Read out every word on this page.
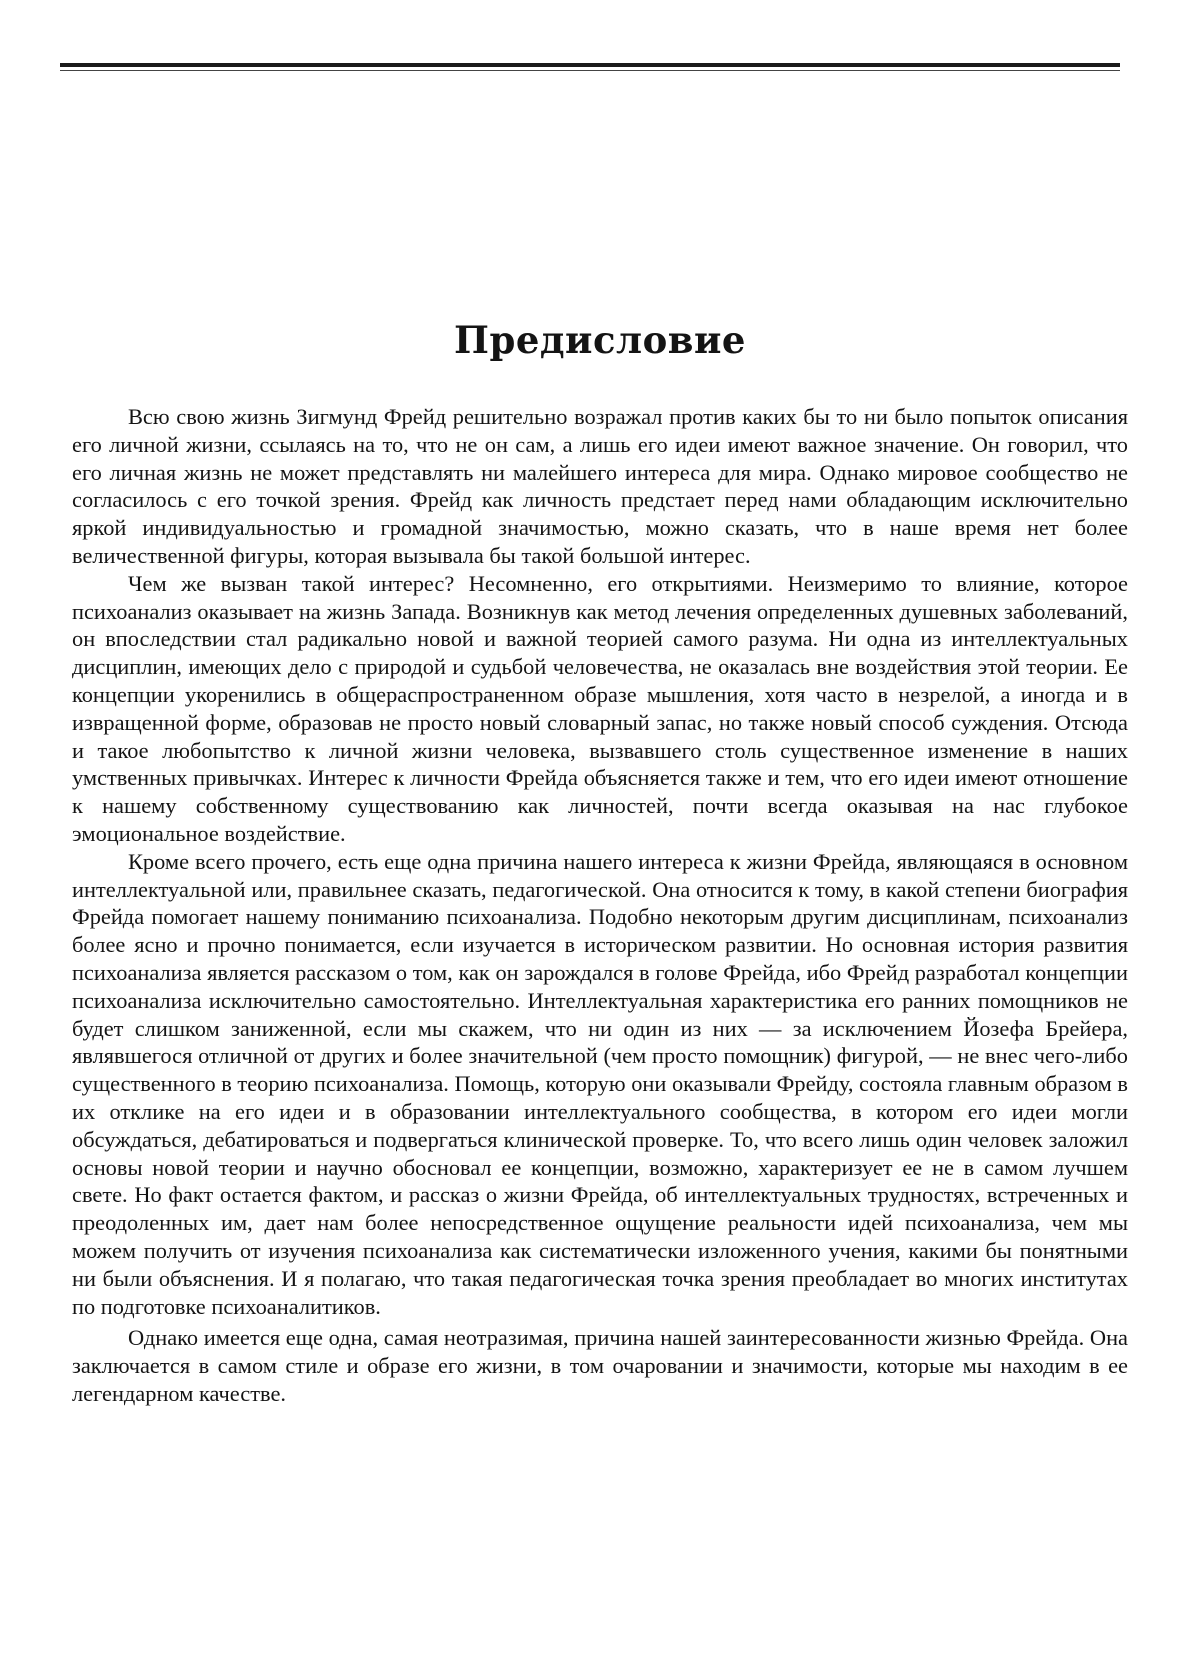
Предисловие

Всю свою жизнь Зигмунд Фрейд решительно возражал против каких бы то ни было попыток описания его личной жизни, ссылаясь на то, что не он сам, а лишь его идеи имеют важное значение. Он говорил, что его личная жизнь не может представлять ни малейшего интереса для мира. Однако мировое сообщество не согласилось с его точкой зрения. Фрейд как личность предстает перед нами обладающим исключительно яркой индивидуальностью и громадной значимостью, можно сказать, что в наше время нет более величественной фигуры, которая вызывала бы такой большой интерес.

Чем же вызван такой интерес? Несомненно, его открытиями. Неизмеримо то влияние, которое психоанализ оказывает на жизнь Запада. Возникнув как метод лечения определенных душевных заболеваний, он впоследствии стал радикально новой и важной теорией самого разума. Ни одна из интеллектуальных дисциплин, имеющих дело с природой и судьбой человечества, не оказалась вне воздействия этой теории. Ее концепции укоренились в общераспространенном образе мышления, хотя часто в незрелой, а иногда и в извращенной форме, образовав не просто новый словарный запас, но также новый способ суждения. Отсюда и такое любопытство к личной жизни человека, вызвавшего столь существенное изменение в наших умственных привычках. Интерес к личности Фрейда объясняется также и тем, что его идеи имеют отношение к нашему собственному существованию как личностей, почти всегда оказывая на нас глубокое эмоциональное воздействие.

Кроме всего прочего, есть еще одна причина нашего интереса к жизни Фрейда, являющаяся в основном интеллектуальной или, правильнее сказать, педагогической. Она относится к тому, в какой степени биография Фрейда помогает нашему пониманию психоанализа. Подобно некоторым другим дисциплинам, психоанализ более ясно и прочно понимается, если изучается в историческом развитии. Но основная история развития психоанализа является рассказом о том, как он зарождался в голове Фрейда, ибо Фрейд разработал концепции психоанализа исключительно самостоятельно. Интеллектуальная характеристика его ранних помощников не будет слишком заниженной, если мы скажем, что ни один из них — за исключением Йозефа Брейера, являвшегося отличной от других и более значительной (чем просто помощник) фигурой, — не внес чего-либо существенного в теорию психоанализа. Помощь, которую они оказывали Фрейду, состояла главным образом в их отклике на его идеи и в образовании интеллектуального сообщества, в котором его идеи могли обсуждаться, дебатироваться и подвергаться клинической проверке. То, что всего лишь один человек заложил основы новой теории и научно обосновал ее концепции, возможно, характеризует ее не в самом лучшем свете. Но факт остается фактом, и рассказ о жизни Фрейда, об интеллектуальных трудностях, встреченных и преодоленных им, дает нам более непосредственное ощущение реальности идей психоанализа, чем мы можем получить от изучения психоанализа как систематически изложенного учения, какими бы понятными ни были объяснения. И я полагаю, что такая педагогическая точка зрения преобладает во многих институтах по подготовке психоаналитиков.

Однако имеется еще одна, самая неотразимая, причина нашей заинтересованности жизнью Фрейда. Она заключается в самом стиле и образе его жизни, в том очаровании и значимости, которые мы находим в ее легендарном качестве.
